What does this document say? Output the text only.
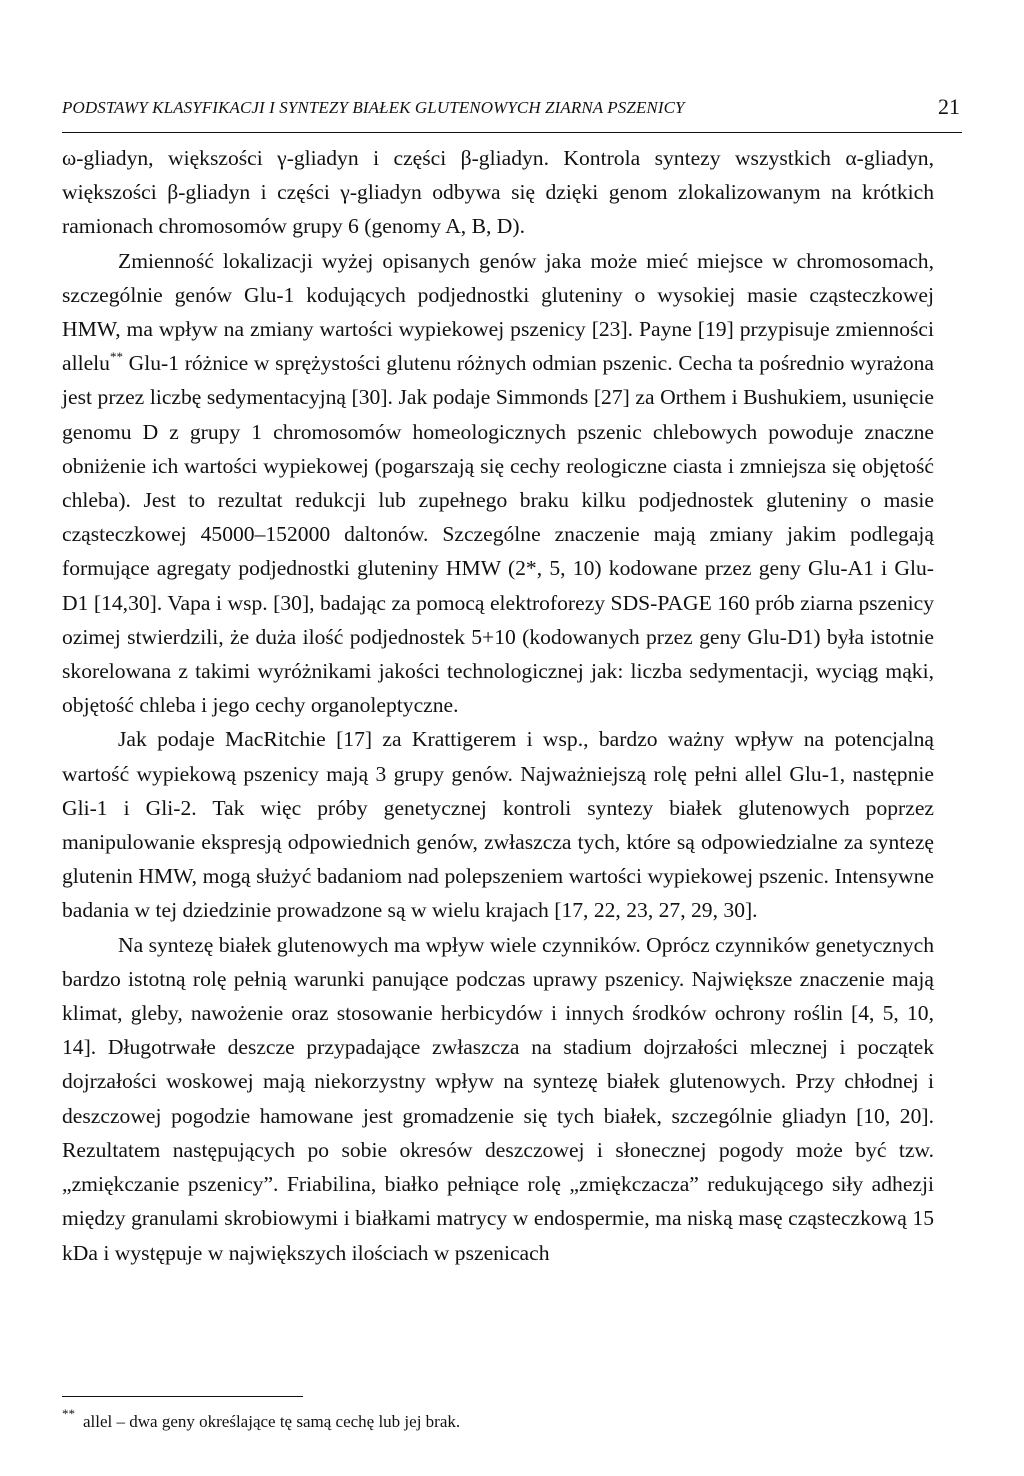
PODSTAWY KLASYFIKACJI I SYNTEZY BIAŁEK GLUTENOWYCH ZIARNA PSZENICY	21

ω-gliadyn, większości γ-gliadyn i części β-gliadyn. Kontrola syntezy wszystkich α-gliadyn, większości β-gliadyn i części γ-gliadyn odbywa się dzięki genom zlokalizowanym na krótkich ramionach chromosomów grupy 6 (genomy A, B, D).

Zmienność lokalizacji wyżej opisanych genów jaka może mieć miejsce w chromosomach, szczególnie genów Glu-1 kodujących podjednostki gluteniny o wysokiej masie cząsteczkowej HMW, ma wpływ na zmiany wartości wypiekowej pszenicy [23]. Payne [19] przypisuje zmienności allelu** Glu-1 różnice w sprężystości glutenu różnych odmian pszenic. Cecha ta pośrednio wyrażona jest przez liczbę sedymentacyjną [30]. Jak podaje Simmonds [27] za Orthem i Bushukiem, usunięcie genomu D z grupy 1 chromosomów homeologicznych pszenic chlebowych powoduje znaczne obniżenie ich wartości wypiekowej (pogarszają się cechy reologiczne ciasta i zmniejsza się objętość chleba). Jest to rezultat redukcji lub zupełnego braku kilku podjednostek gluteniny o masie cząsteczkowej 45000–152000 daltonów. Szczególne znaczenie mają zmiany jakim podlegają formujące agregaty podjednostki gluteniny HMW (2*, 5, 10) kodowane przez geny Glu-A1 i Glu-D1 [14,30]. Vapa i wsp. [30], badając za pomocą elektroforezy SDS-PAGE 160 prób ziarna pszenicy ozimej stwierdzili, że duża ilość podjednostek 5+10 (kodowanych przez geny Glu-D1) była istotnie skorelowana z takimi wyróżnikami jakości technologicznej jak: liczba sedymentacji, wyciąg mąki, objętość chleba i jego cechy organoleptyczne.

Jak podaje MacRitchie [17] za Krattigerem i wsp., bardzo ważny wpływ na potencjalną wartość wypiekową pszenicy mają 3 grupy genów. Najważniejszą rolę pełni allel Glu-1, następnie Gli-1 i Gli-2. Tak więc próby genetycznej kontroli syntezy białek glutenowych poprzez manipulowanie ekspresją odpowiednich genów, zwłaszcza tych, które są odpowiedzialne za syntezę glutenin HMW, mogą służyć badaniom nad polepszeniem wartości wypiekowej pszenic. Intensywne badania w tej dziedzinie prowadzone są w wielu krajach [17, 22, 23, 27, 29, 30].

Na syntezę białek glutenowych ma wpływ wiele czynników. Oprócz czynników genetycznych bardzo istotną rolę pełnią warunki panujące podczas uprawy pszenicy. Największe znaczenie mają klimat, gleby, nawożenie oraz stosowanie herbicydów i innych środków ochrony roślin [4, 5, 10, 14]. Długotrwałe deszcze przypadające zwłaszcza na stadium dojrzałości mlecznej i początek dojrzałości woskowej mają niekorzystny wpływ na syntezę białek glutenowych. Przy chłodnej i deszczowej pogodzie hamowane jest gromadzenie się tych białek, szczególnie gliadyn [10, 20]. Rezultatem następujących po sobie okresów deszczowej i słonecznej pogody może być tzw. „zmiękczanie pszenicy”. Friabilina, białko pełniące rolę „zmiękczacza” redukującego siły adhezji między granulami skrobiowymi i białkami matrycy w endospermie, ma niską masę cząsteczkową 15 kDa i występuje w największych ilościach w pszenicach

** allel – dwa geny określające tę samą cechę lub jej brak.
